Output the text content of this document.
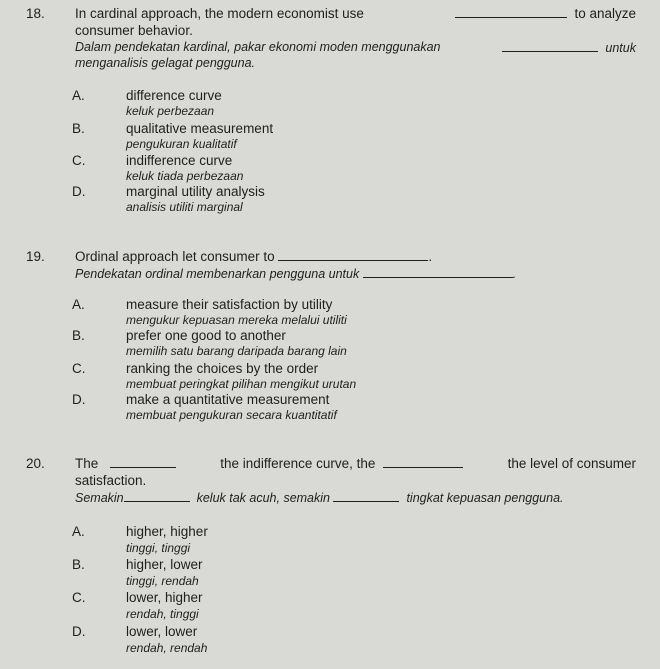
18. In cardinal approach, the modern economist use	to analyze
consumer behavior.
Dalam pendekatan kardinal, pakar ekonomi moden menggunakan	untuk
menganalisis gelagat pengguna.
A.	difference curve
keluk perbezaan
B.	qualitative measurement
pengukuran kualitatif
C.	indifference curve
keluk tiada perbezaan
D.	marginal utility analysis
analisis utiliti marginal
19. Ordinal approach let consumer to	.
Pendekatan ordinal membenarkan pengguna untuk	.
A.	measure their satisfaction by utility
mengukur kepuasan mereka melalui utiliti
B.	prefer one good to another
memilih satu barang daripada barang lain
C.	ranking the choices by the order
membuat peringkat pilihan mengikut urutan
D.	make a quantitative measurement
membuat pengukuran secara kuantitatif
20. The	the indifference curve, the	the level of consumer
satisfaction.
Semakin	keluk tak acuh, semakin	tingkat kepuasan pengguna.
A.	higher, higher
tinggi, tinggi
B.	higher, lower
tinggi, rendah
C.	lower, higher
rendah, tinggi
D.	lower, lower
rendah, rendah
